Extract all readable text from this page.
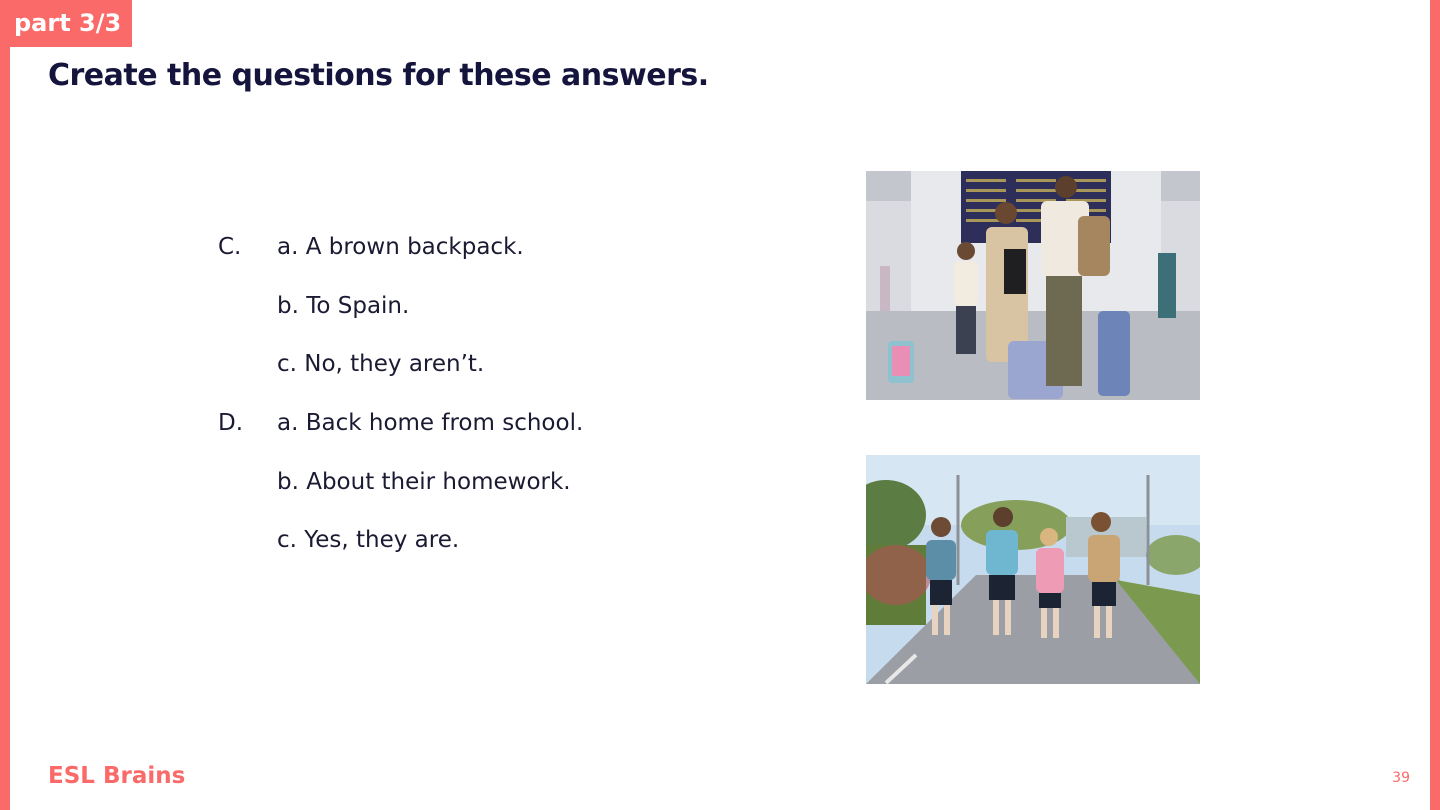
part 3/3
Create the questions for these answers.
C. a. A brown backpack.
b. To Spain.
c. No, they aren’t.
D. a. Back home from school.
b. About their homework.
c. Yes, they are.
ESL Brains	39
